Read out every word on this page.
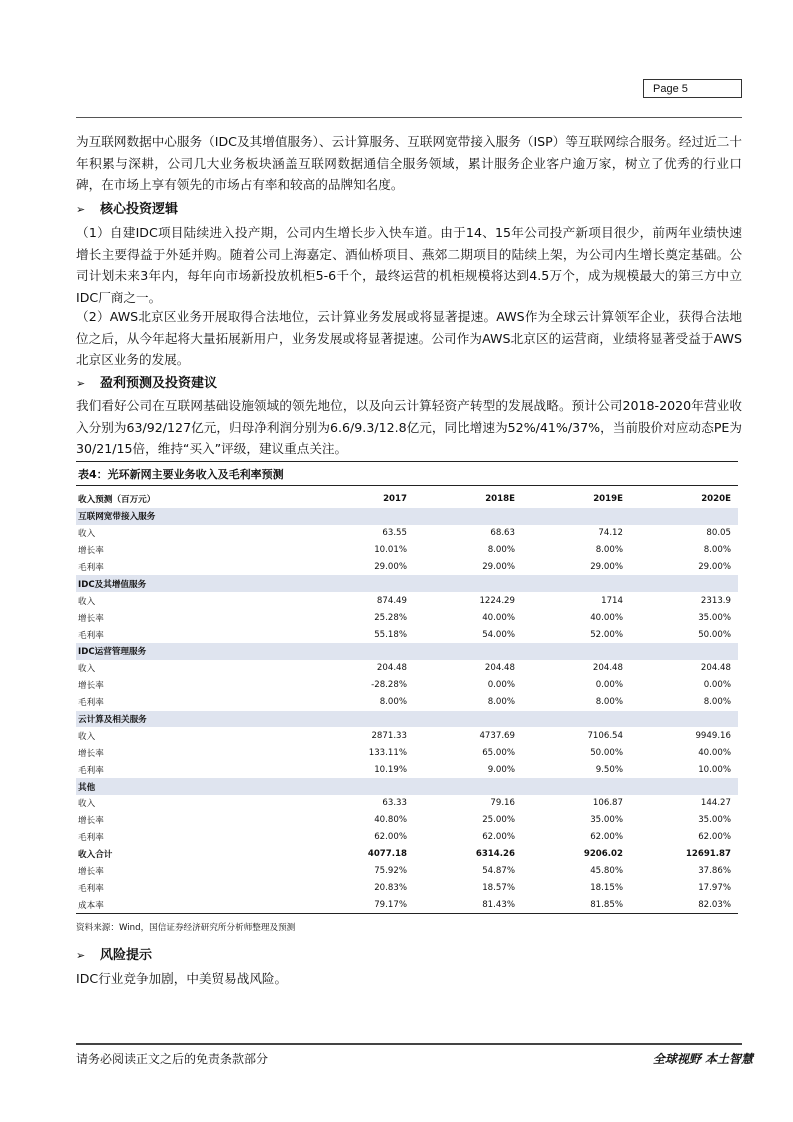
Page 5
为互联网数据中心服务（IDC及其增值服务）、云计算服务、互联网宽带接入服务（ISP）等互联网综合服务。经过近二十年积累与深耕，公司几大业务板块涵盖互联网数据通信全服务领域，累计服务企业客户逾万家，树立了优秀的行业口碑，在市场上享有领先的市场占有率和较高的品牌知名度。
➢ 核心投资逻辑
（1）自建IDC项目陆续进入投产期，公司内生增长步入快车道。由于14、15年公司投产新项目很少，前两年业绩快速增长主要得益于外延并购。随着公司上海嘉定、酒仙桥项目、燕郊二期项目的陆续上架，为公司内生增长奠定基础。公司计划未来3年内，每年向市场新投放机柜5-6千个，最终运营的机柜规模将达到4.5万个，成为规模最大的第三方中立IDC厂商之一。
（2）AWS北京区业务开展取得合法地位，云计算业务发展或将显著提速。AWS作为全球云计算领军企业，获得合法地位之后，从今年起将大量拓展新用户，业务发展或将显著提速。公司作为AWS北京区的运营商，业绩将显著受益于AWS北京区业务的发展。
➢ 盈利预测及投资建议
我们看好公司在互联网基础设施领域的领先地位，以及向云计算轻资产转型的发展战略。预计公司2018-2020年营业收入分别为63/92/127亿元，归母净利润分别为6.6/9.3/12.8亿元，同比增速为52%/41%/37%，当前股价对应动态PE为30/21/15倍，维持“买入”评级，建议重点关注。
表4：光环新网主要业务收入及毛利率预测
收入预测（百万元）	2017	2018E	2019E	2020E
互联网宽带接入服务				
收入	63.55	68.63	74.12	80.05
增长率	10.01%	8.00%	8.00%	8.00%
毛利率	29.00%	29.00%	29.00%	29.00%
IDC及其增值服务				
收入	874.49	1224.29	1714	2313.9
增长率	25.28%	40.00%	40.00%	35.00%
毛利率	55.18%	54.00%	52.00%	50.00%
IDC运营管理服务				
收入	204.48	204.48	204.48	204.48
增长率	-28.28%	0.00%	0.00%	0.00%
毛利率	8.00%	8.00%	8.00%	8.00%
云计算及相关服务				
收入	2871.33	4737.69	7106.54	9949.16
增长率	133.11%	65.00%	50.00%	40.00%
毛利率	10.19%	9.00%	9.50%	10.00%
其他				
收入	63.33	79.16	106.87	144.27
增长率	40.80%	25.00%	35.00%	35.00%
毛利率	62.00%	62.00%	62.00%	62.00%
收入合计	4077.18	6314.26	9206.02	12691.87
增长率	75.92%	54.87%	45.80%	37.86%
毛利率	20.83%	18.57%	18.15%	17.97%
成本率	79.17%	81.43%	81.85%	82.03%
资料来源：Wind，国信证券经济研究所分析师整理及预测
➢ 风险提示
IDC行业竞争加剧，中美贸易战风险。
请务必阅读正文之后的免责条款部分	全球视野 本土智慧
